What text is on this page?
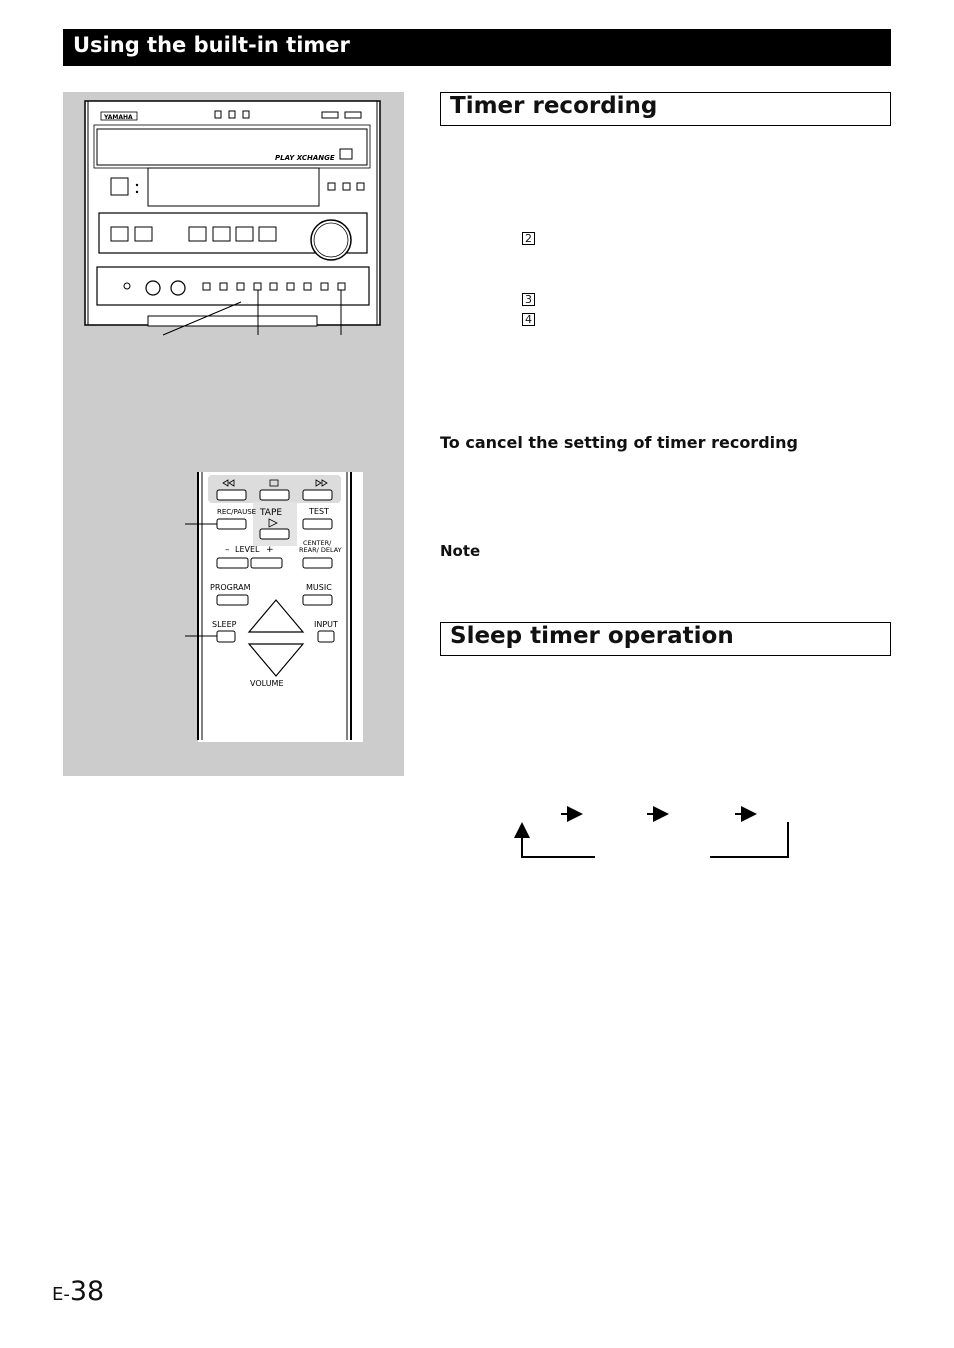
Using the built-in timer
YAMAHA
PLAY XCHANGE
TAPE
REC/PAUSE	TEST
– LEVEL +
CENTER/
REAR/ DELAY
PROGRAM	MUSIC
SLEEP	INPUT
VOLUME
Timer recording
2
3
4
To cancel the setting of timer recording
Note
Sleep timer operation
E-38
